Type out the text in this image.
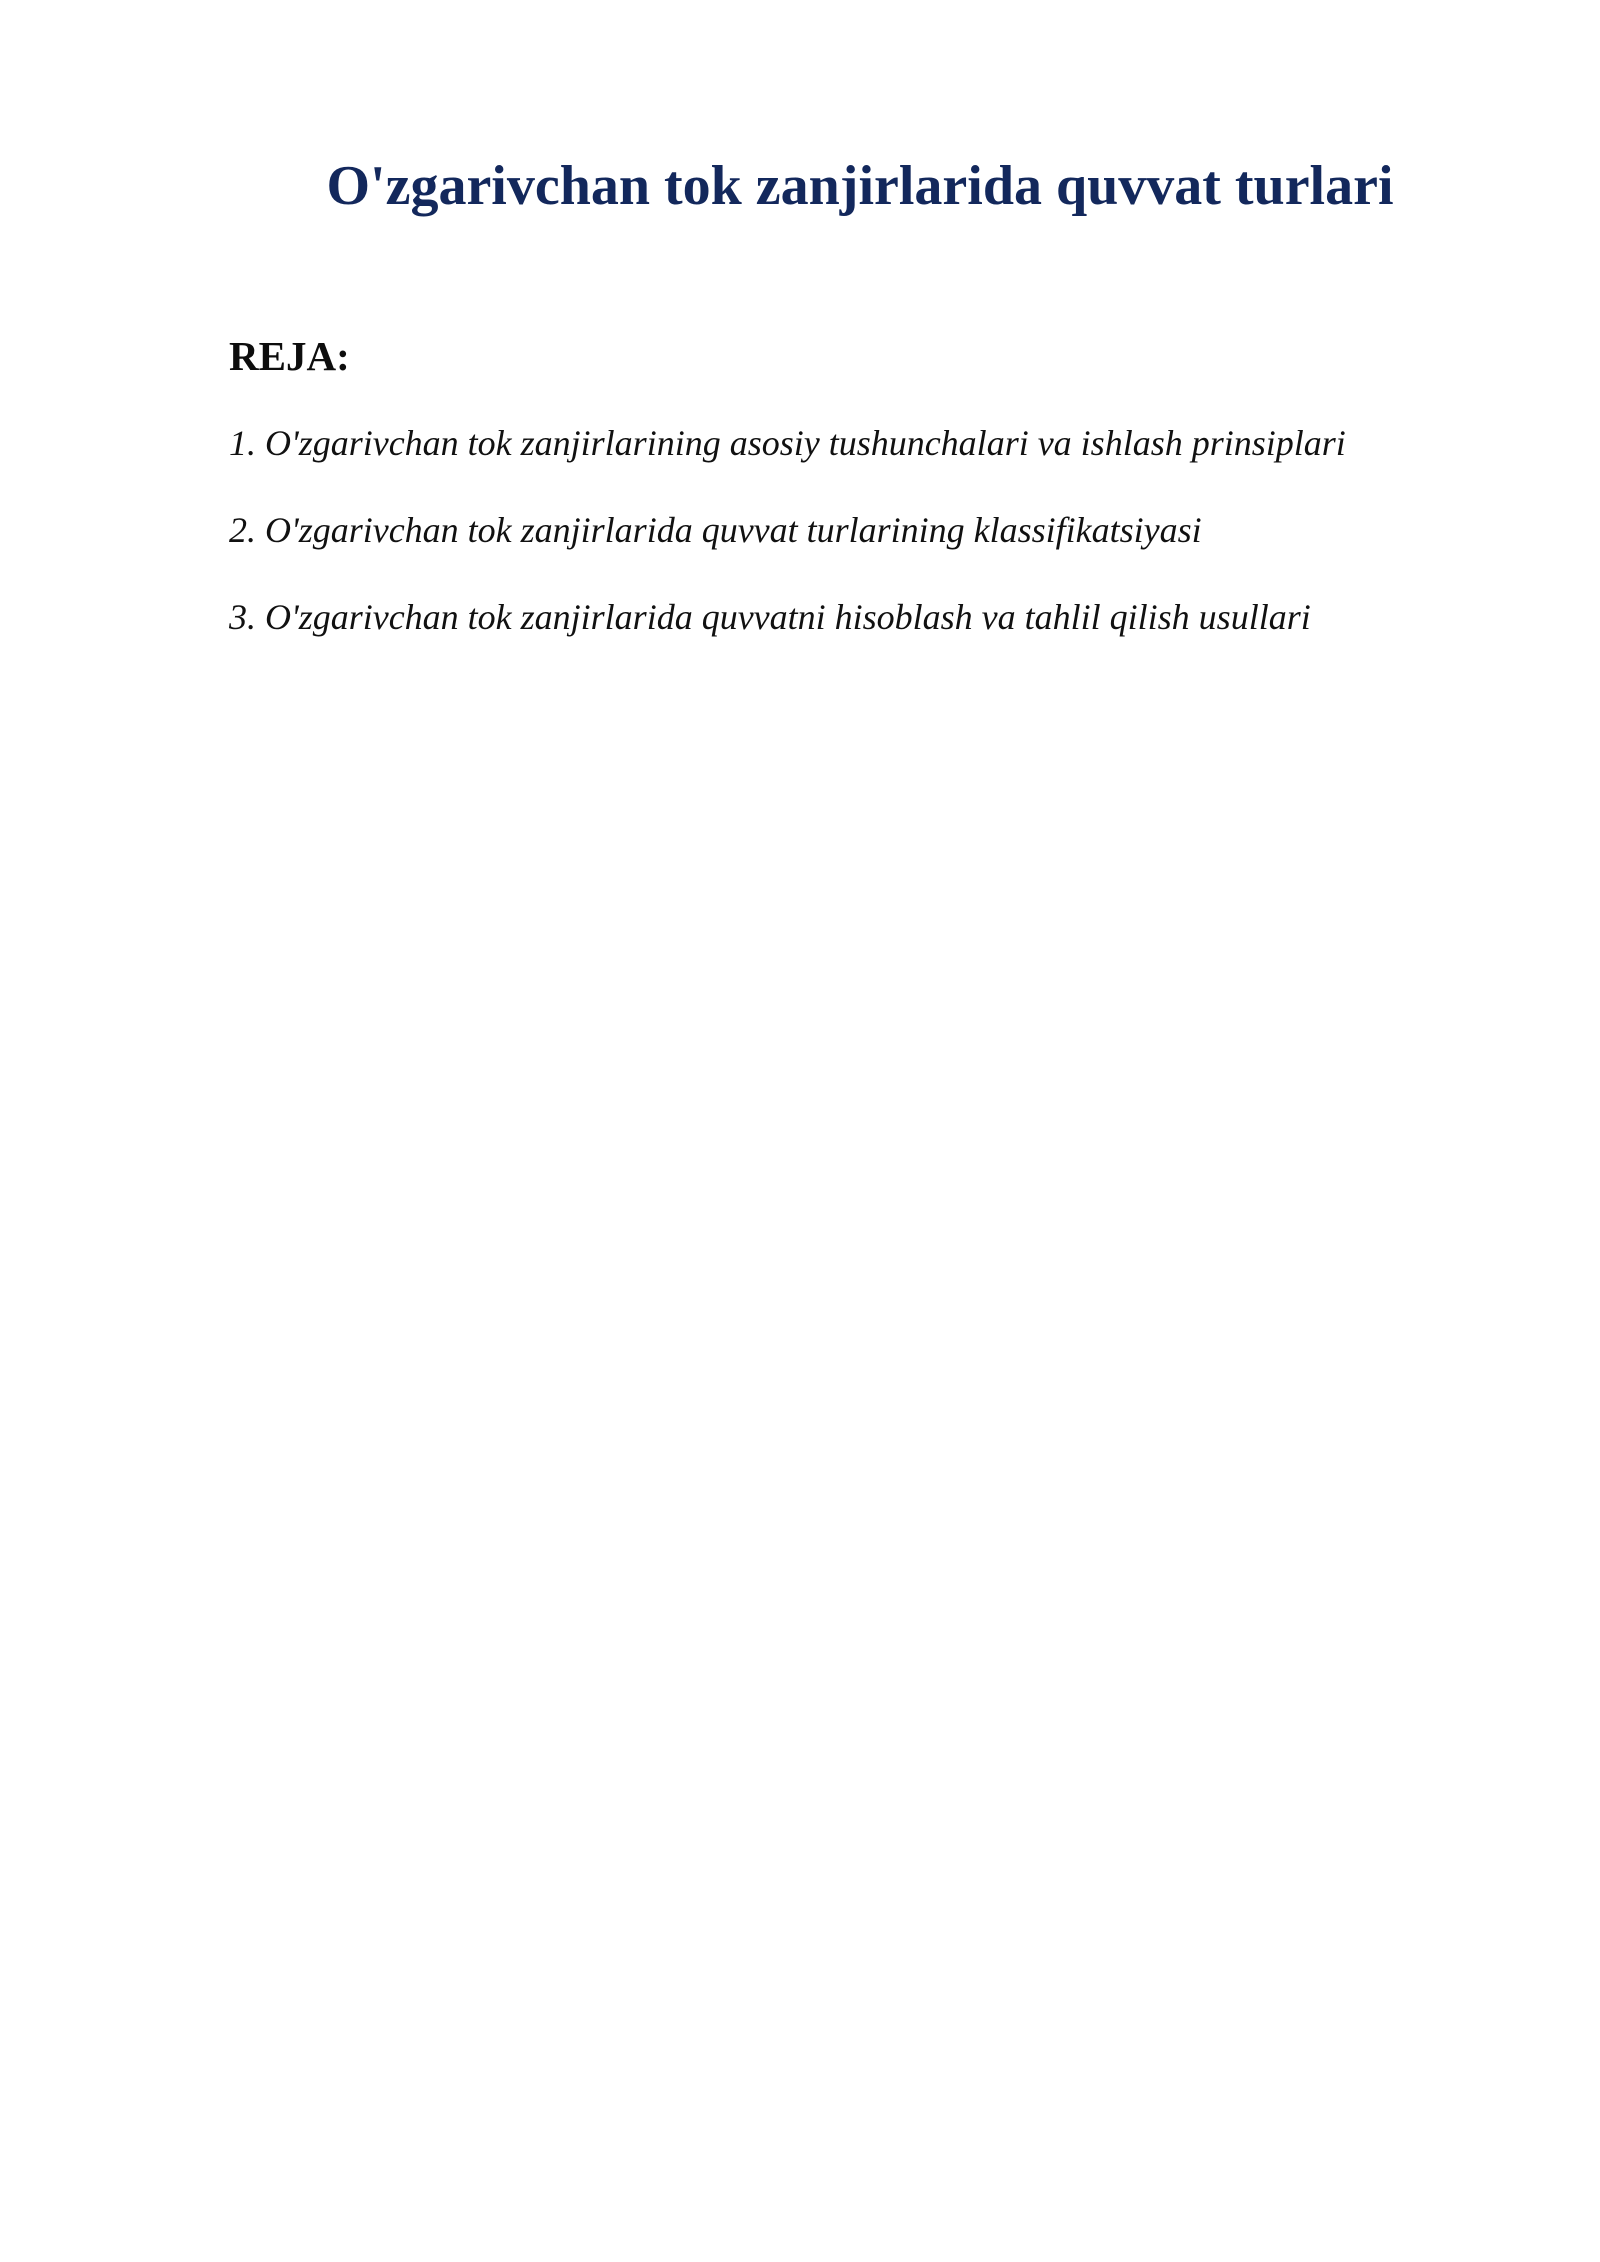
O'zgarivchan tok zanjirlarida quvvat turlari
REJA:
1. O'zgarivchan tok zanjirlarining asosiy tushunchalari va ishlash prinsiplari
2. O'zgarivchan tok zanjirlarida quvvat turlarining klassifikatsiyasi
3. O'zgarivchan tok zanjirlarida quvvatni hisoblash va tahlil qilish usullari
